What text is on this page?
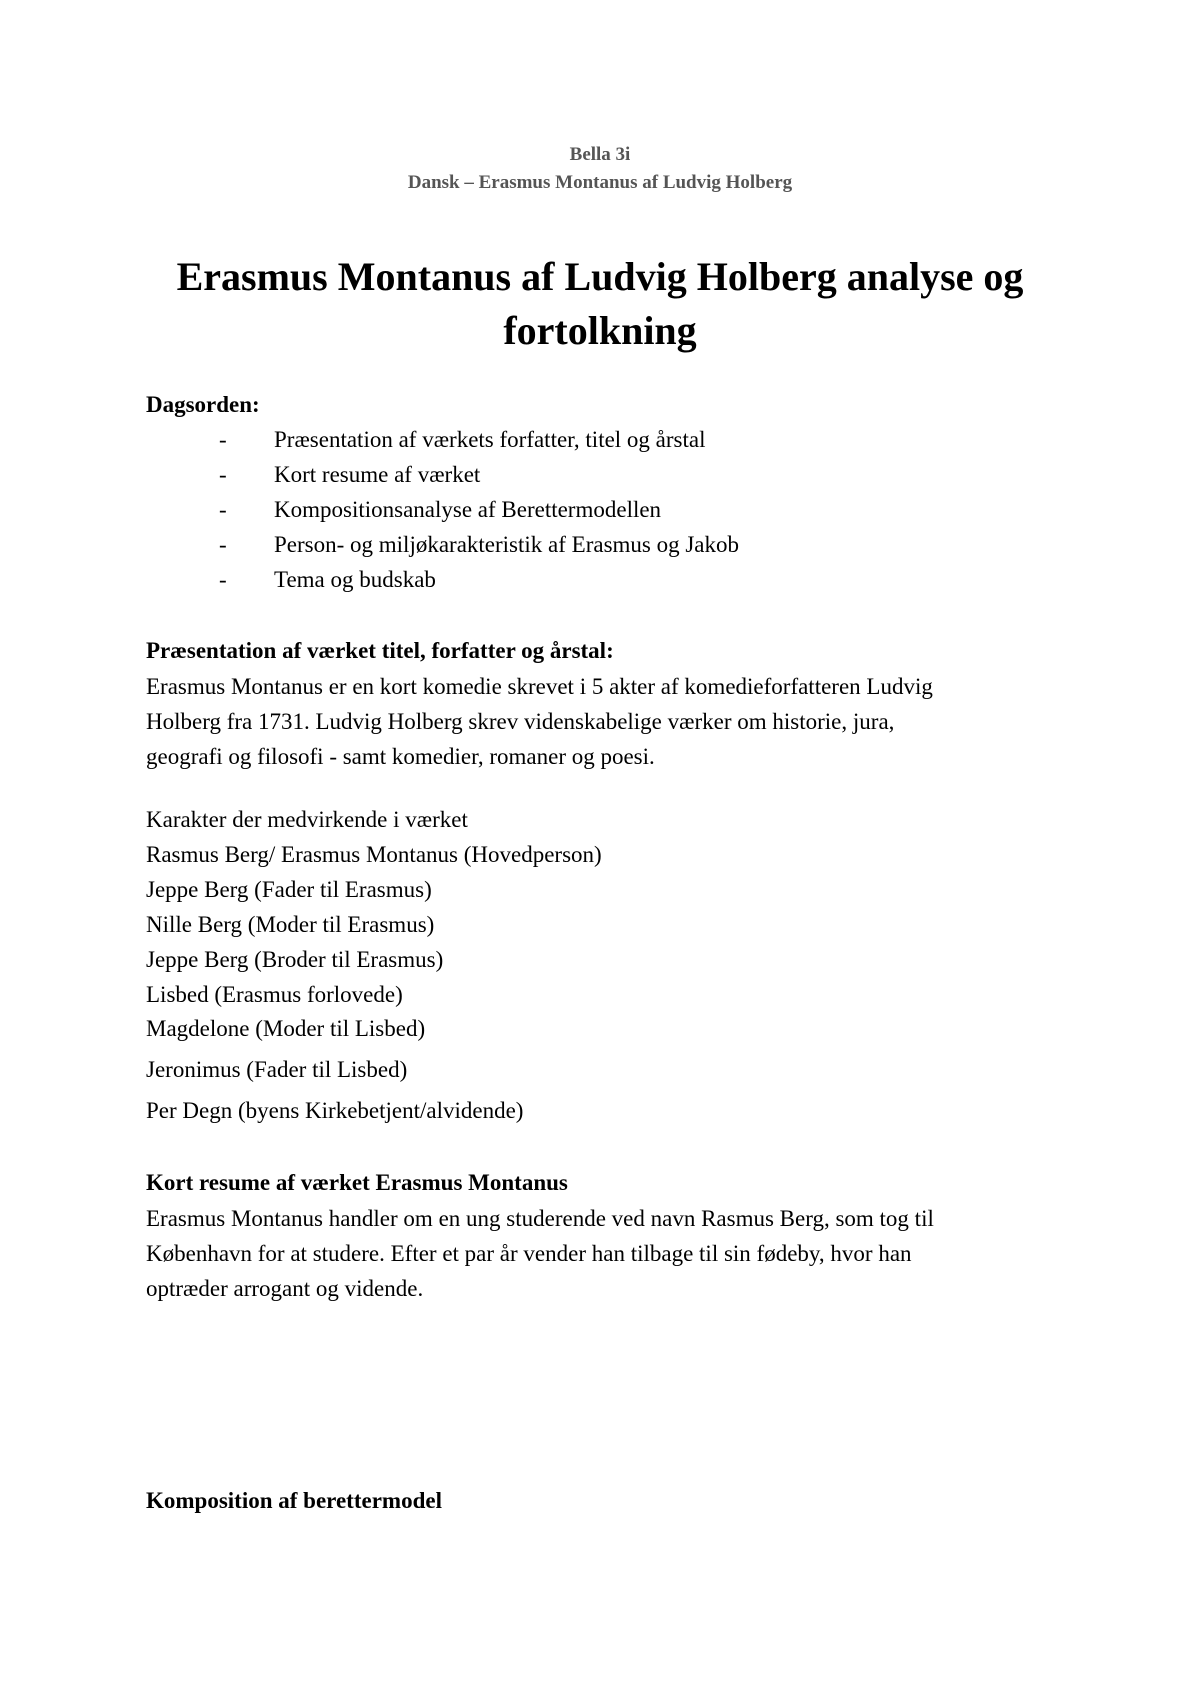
Bella 3i
Dansk – Erasmus Montanus af Ludvig Holberg
Erasmus Montanus af Ludvig Holberg analyse og
fortolkning
Dagsorden:
- Præsentation af værkets forfatter, titel og årstal
- Kort resume af værket
- Kompositionsanalyse af Berettermodellen
- Person- og miljøkarakteristik af Erasmus og Jakob
- Tema og budskab
Præsentation af værket titel, forfatter og årstal:
Erasmus Montanus er en kort komedie skrevet i 5 akter af komedieforfatteren Ludvig
Holberg fra 1731. Ludvig Holberg skrev videnskabelige værker om historie, jura,
geografi og filosofi - samt komedier, romaner og poesi.
Karakter der medvirkende i værket
Rasmus Berg/ Erasmus Montanus (Hovedperson)
Jeppe Berg (Fader til Erasmus)
Nille Berg (Moder til Erasmus)
Jeppe Berg (Broder til Erasmus)
Lisbed (Erasmus forlovede)
Magdelone (Moder til Lisbed)
Jeronimus (Fader til Lisbed)
Per Degn (byens Kirkebetjent/alvidende)
Kort resume af værket Erasmus Montanus
Erasmus Montanus handler om en ung studerende ved navn Rasmus Berg, som tog til
København for at studere. Efter et par år vender han tilbage til sin fødeby, hvor han
optræder arrogant og vidende.
Komposition af berettermodel
